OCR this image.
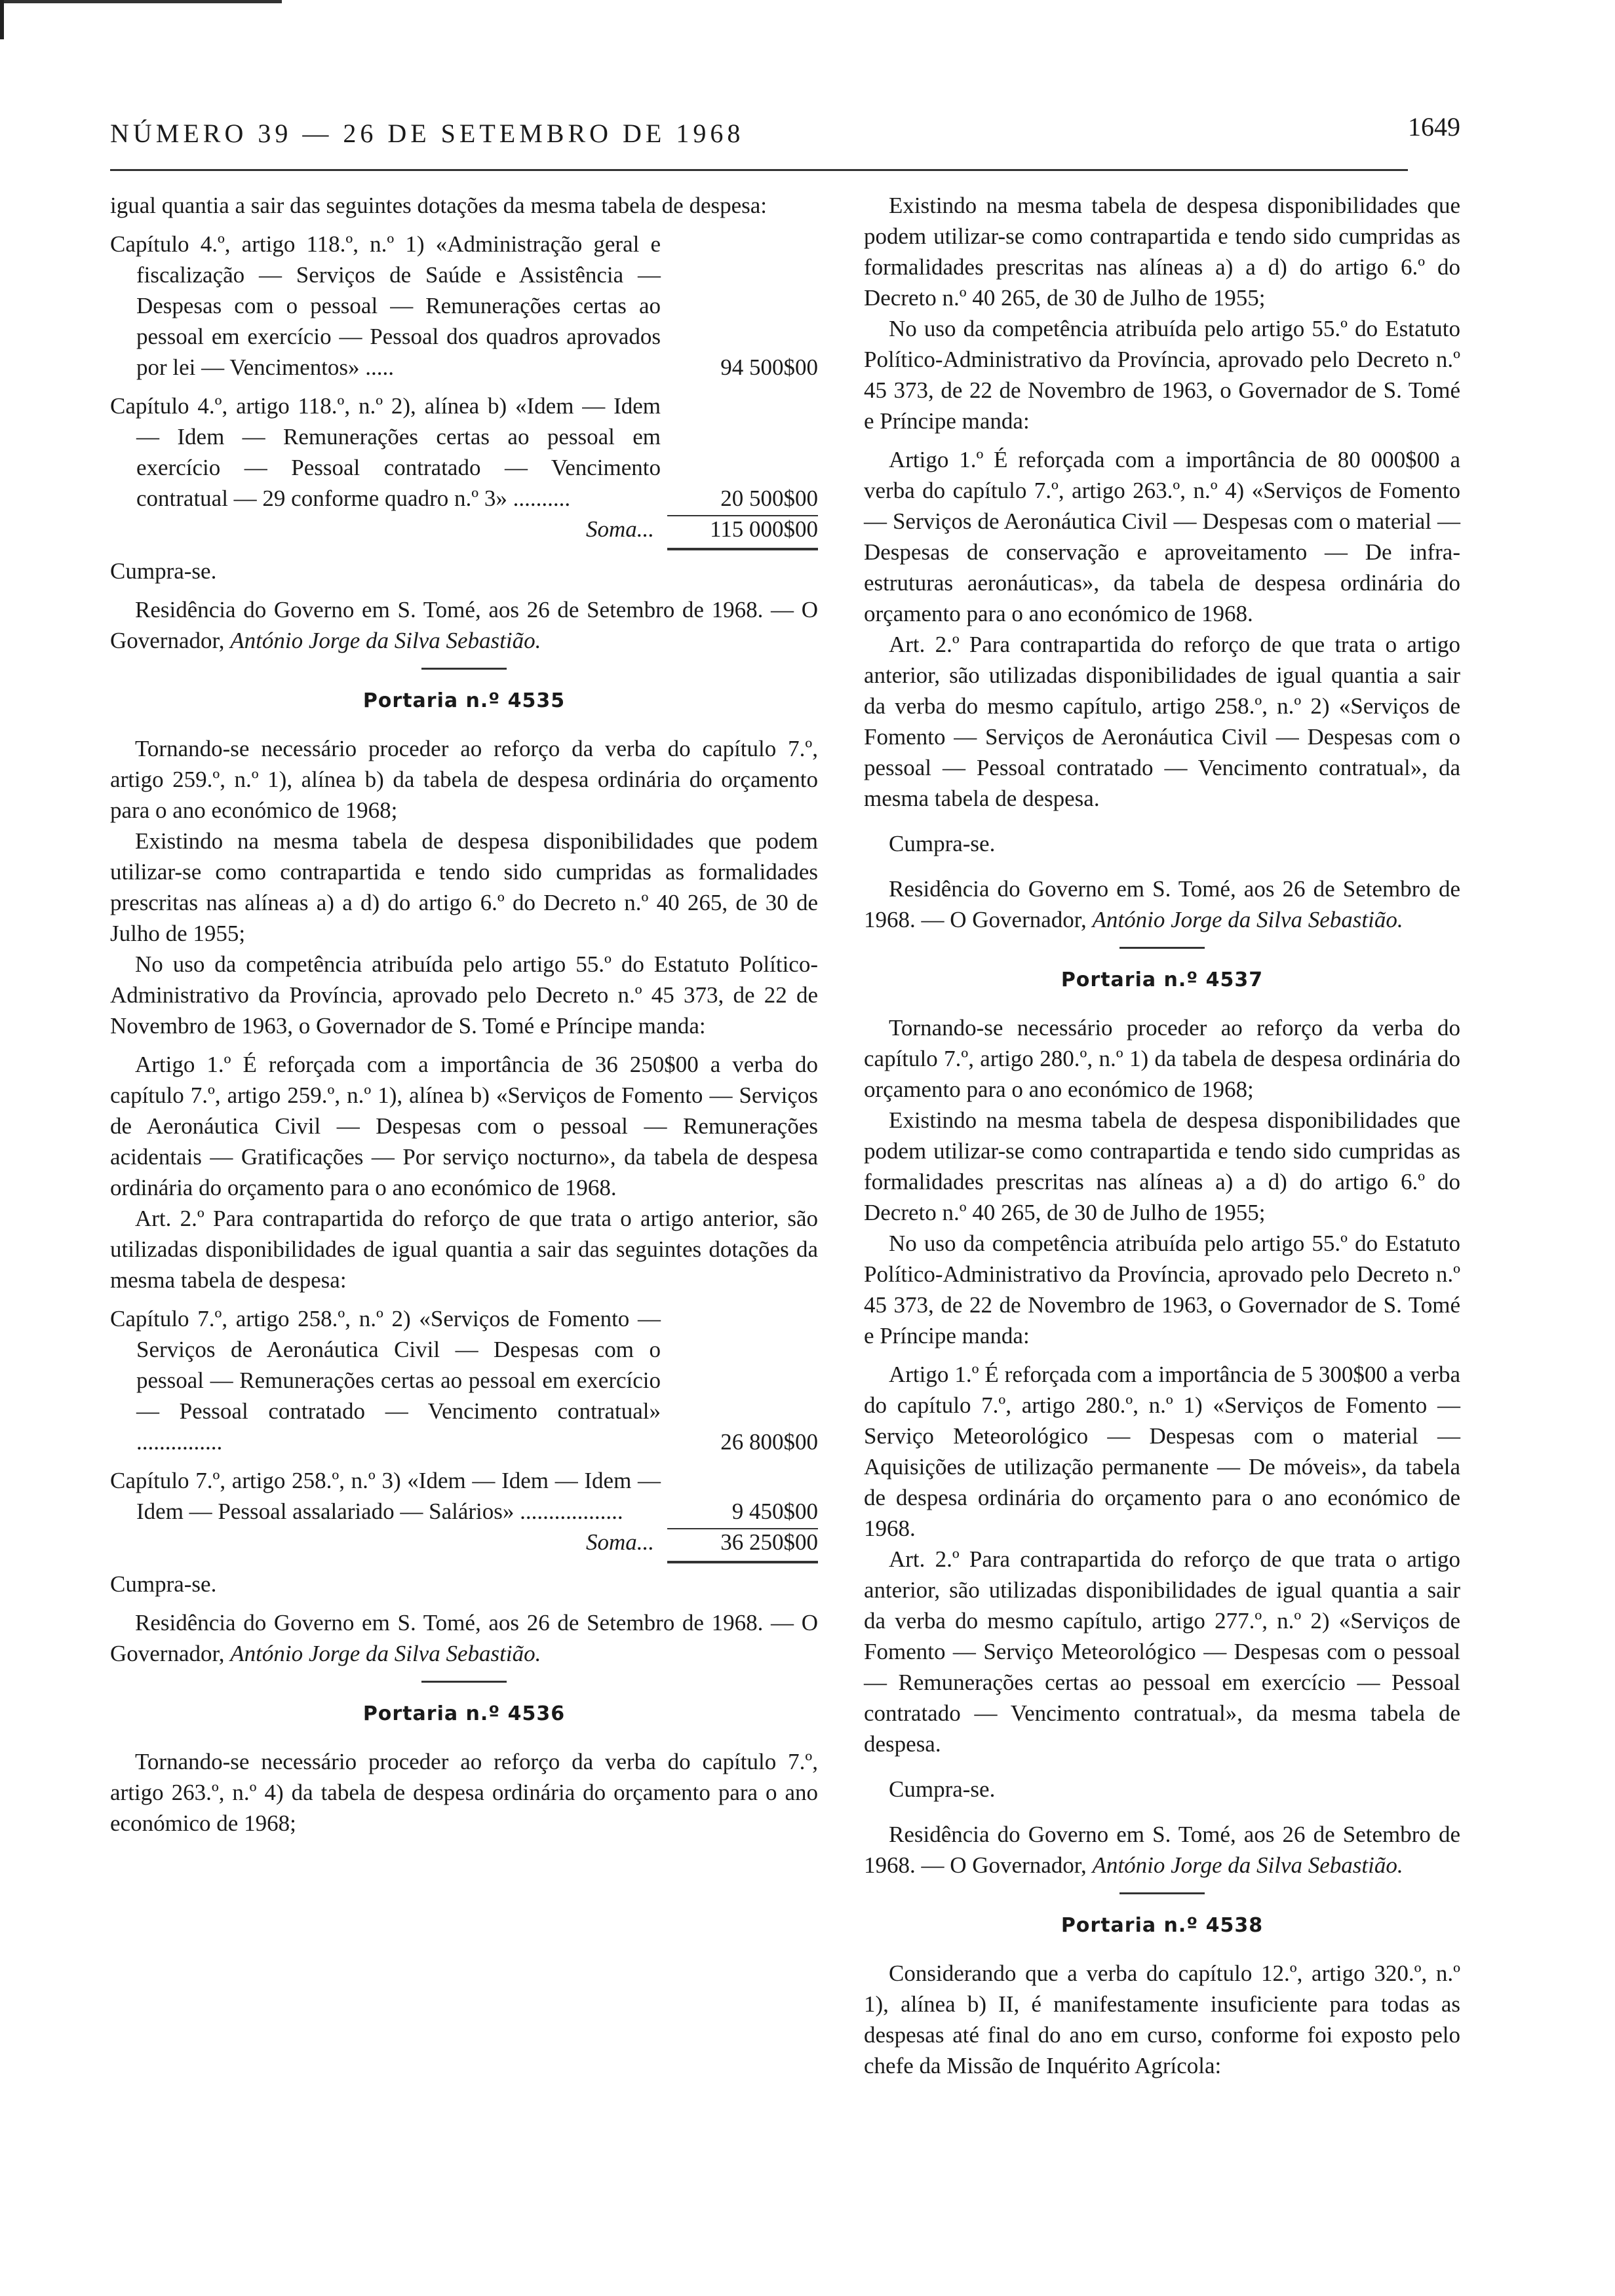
NÚMERO 39 — 26 DE SETEMBRO DE 1968	1649

igual quantia a sair das seguintes dotações da mesma tabela de despesa:

Capítulo 4.º, artigo 118.º, n.º 1) «Administração geral e fiscalização — Serviços de Saúde e Assistência — Despesas com o pessoal — Remunerações certas ao pessoal em exercício — Pessoal dos quadros aprovados por lei — Vencimentos» .....	94 500$00
Capítulo 4.º, artigo 118.º, n.º 2), alínea b) «Idem — Idem — Idem — Remunerações certas ao pessoal em exercício — Pessoal contratado — Vencimento contratual — 29 conforme quadro n.º 3» ..........	20 500$00
Soma...	115 000$00

Cumpra-se.

Residência do Governo em S. Tomé, aos 26 de Setembro de 1968. — O Governador, António Jorge da Silva Sebastião.

Portaria n.º 4535

Tornando-se necessário proceder ao reforço da verba do capítulo 7.º, artigo 259.º, n.º 1), alínea b) da tabela de despesa ordinária do orçamento para o ano económico de 1968;

Existindo na mesma tabela de despesa disponibilidades que podem utilizar-se como contrapartida e tendo sido cumpridas as formalidades prescritas nas alíneas a) a d) do artigo 6.º do Decreto n.º 40 265, de 30 de Julho de 1955;

No uso da competência atribuída pelo artigo 55.º do Estatuto Político-Administrativo da Província, aprovado pelo Decreto n.º 45 373, de 22 de Novembro de 1963, o Governador de S. Tomé e Príncipe manda:

Artigo 1.º É reforçada com a importância de 36 250$00 a verba do capítulo 7.º, artigo 259.º, n.º 1), alínea b) «Serviços de Fomento — Serviços de Aeronáutica Civil — Despesas com o pessoal — Remunerações acidentais — Gratificações — Por serviço nocturno», da tabela de despesa ordinária do orçamento para o ano económico de 1968.

Art. 2.º Para contrapartida do reforço de que trata o artigo anterior, são utilizadas disponibilidades de igual quantia a sair das seguintes dotações da mesma tabela de despesa:

Capítulo 7.º, artigo 258.º, n.º 2) «Serviços de Fomento — Serviços de Aeronáutica Civil — Despesas com o pessoal — Remunerações certas ao pessoal em exercício — Pessoal contratado — Vencimento contratual» ...............	26 800$00
Capítulo 7.º, artigo 258.º, n.º 3) «Idem — Idem — Idem — Idem — Pessoal assalariado — Salários» ..................	9 450$00
Soma...	36 250$00

Cumpra-se.

Residência do Governo em S. Tomé, aos 26 de Setembro de 1968. — O Governador, António Jorge da Silva Sebastião.

Portaria n.º 4536

Tornando-se necessário proceder ao reforço da verba do capítulo 7.º, artigo 263.º, n.º 4) da tabela de despesa ordinária do orçamento para o ano económico de 1968;

Existindo na mesma tabela de despesa disponibilidades que podem utilizar-se como contrapartida e tendo sido cumpridas as formalidades prescritas nas alíneas a) a d) do artigo 6.º do Decreto n.º 40 265, de 30 de Julho de 1955;

No uso da competência atribuída pelo artigo 55.º do Estatuto Político-Administrativo da Província, aprovado pelo Decreto n.º 45 373, de 22 de Novembro de 1963, o Governador de S. Tomé e Príncipe manda:

Artigo 1.º É reforçada com a importância de 80 000$00 a verba do capítulo 7.º, artigo 263.º, n.º 4) «Serviços de Fomento — Serviços de Aeronáutica Civil — Despesas com o material — Despesas de conservação e aproveitamento — De infra-estruturas aeronáuticas», da tabela de despesa ordinária do orçamento para o ano económico de 1968.

Art. 2.º Para contrapartida do reforço de que trata o artigo anterior, são utilizadas disponibilidades de igual quantia a sair da verba do mesmo capítulo, artigo 258.º, n.º 2) «Serviços de Fomento — Serviços de Aeronáutica Civil — Despesas com o pessoal — Pessoal contratado — Vencimento contratual», da mesma tabela de despesa.

Cumpra-se.

Residência do Governo em S. Tomé, aos 26 de Setembro de 1968. — O Governador, António Jorge da Silva Sebastião.

Portaria n.º 4537

Tornando-se necessário proceder ao reforço da verba do capítulo 7.º, artigo 280.º, n.º 1) da tabela de despesa ordinária do orçamento para o ano económico de 1968;

Existindo na mesma tabela de despesa disponibilidades que podem utilizar-se como contrapartida e tendo sido cumpridas as formalidades prescritas nas alíneas a) a d) do artigo 6.º do Decreto n.º 40 265, de 30 de Julho de 1955;

No uso da competência atribuída pelo artigo 55.º do Estatuto Político-Administrativo da Província, aprovado pelo Decreto n.º 45 373, de 22 de Novembro de 1963, o Governador de S. Tomé e Príncipe manda:

Artigo 1.º É reforçada com a importância de 5 300$00 a verba do capítulo 7.º, artigo 280.º, n.º 1) «Serviços de Fomento — Serviço Meteorológico — Despesas com o material — Aquisições de utilização permanente — De móveis», da tabela de despesa ordinária do orçamento para o ano económico de 1968.

Art. 2.º Para contrapartida do reforço de que trata o artigo anterior, são utilizadas disponibilidades de igual quantia a sair da verba do mesmo capítulo, artigo 277.º, n.º 2) «Serviços de Fomento — Serviço Meteorológico — Despesas com o pessoal — Remunerações certas ao pessoal em exercício — Pessoal contratado — Vencimento contratual», da mesma tabela de despesa.

Cumpra-se.

Residência do Governo em S. Tomé, aos 26 de Setembro de 1968. — O Governador, António Jorge da Silva Sebastião.

Portaria n.º 4538

Considerando que a verba do capítulo 12.º, artigo 320.º, n.º 1), alínea b) II, é manifestamente insuficiente para todas as despesas até final do ano em curso, conforme foi exposto pelo chefe da Missão de Inquérito Agrícola:
